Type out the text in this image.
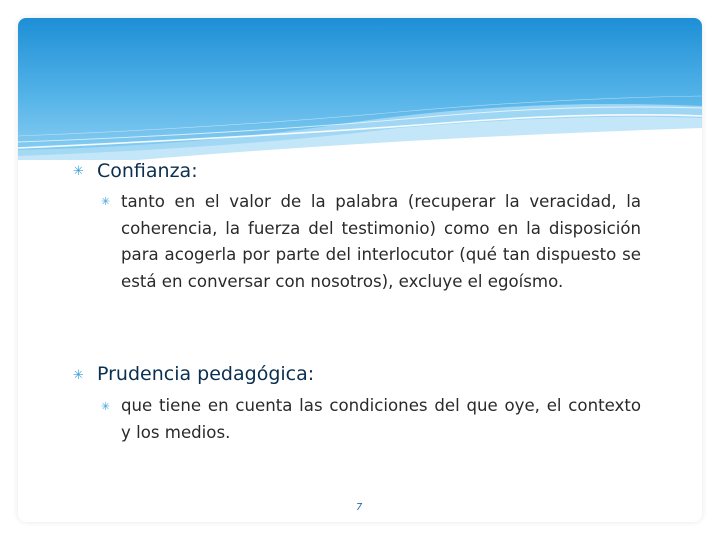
✳ Confianza:
✳ tanto en el valor de la palabra (recuperar la veracidad, la coherencia, la fuerza del testimonio) como en la disposición para acogerla por parte del interlocutor (qué tan dispuesto se está en conversar con nosotros), excluye el egoísmo.
✳ Prudencia pedagógica:
✳ que tiene en cuenta las condiciones del que oye, el contexto y los medios.
7
